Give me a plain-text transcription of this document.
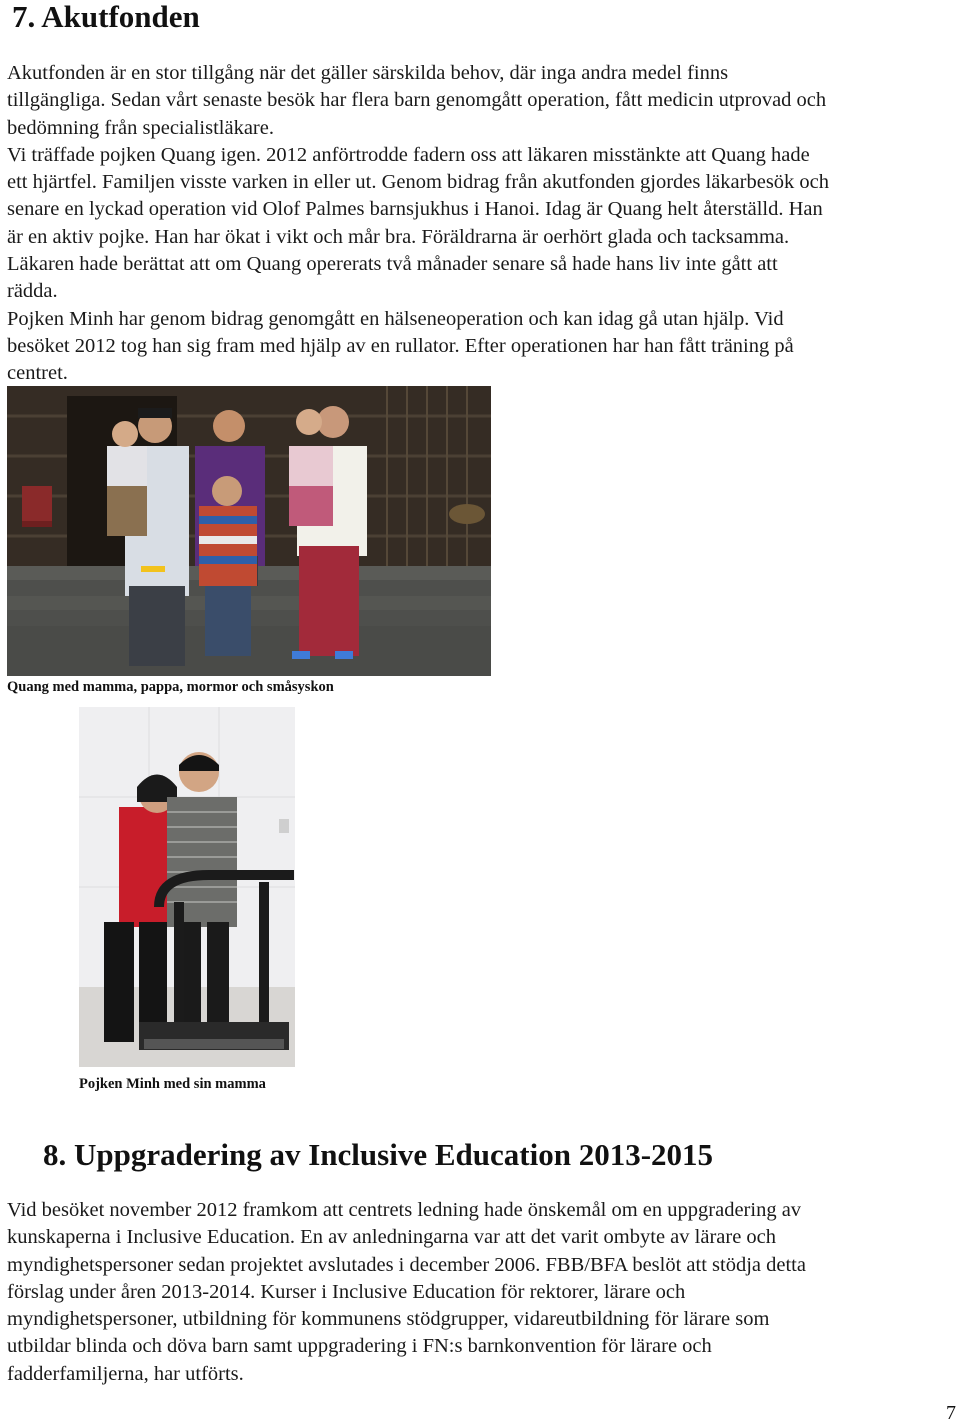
7. Akutfonden
Akutfonden är en stor tillgång när det gäller särskilda behov, där inga andra medel finns
tillgängliga. Sedan vårt senaste besök har flera barn genomgått operation, fått medicin utprovad och
bedömning från specialistläkare.
Vi träffade pojken Quang igen. 2012 anförtrodde fadern oss att läkaren misstänkte att Quang hade
ett hjärtfel. Familjen visste varken in eller ut. Genom bidrag från akutfonden gjordes läkarbesök och
senare en lyckad operation vid Olof Palmes barnsjukhus i Hanoi. Idag är Quang helt återställd. Han
är en aktiv pojke. Han har ökat i vikt och mår bra. Föräldrarna är oerhört glada och tacksamma.
Läkaren hade berättat att om Quang opererats två månader senare så hade hans liv inte gått att
rädda.
Pojken Minh har genom bidrag genomgått en hälseneoperation och kan idag gå utan hjälp. Vid
besöket 2012 tog han sig fram med hjälp av en rullator. Efter operationen har han fått träning på
centret.

Quang med mamma, pappa, mormor och småsyskon

Pojken Minh med sin mamma

8. Uppgradering av Inclusive Education 2013-2015
Vid besöket november 2012 framkom att centrets ledning hade önskemål om en uppgradering av
kunskaperna i Inclusive Education. En av anledningarna var att det varit ombyte av lärare och
myndighetspersoner sedan projektet avslutades i december 2006. FBB/BFA beslöt att stödja detta
förslag under åren 2013-2014. Kurser i Inclusive Education för rektorer, lärare och
myndighetspersoner, utbildning för kommunens stödgrupper, vidareutbildning för lärare som
utbildar blinda och döva barn samt uppgradering i FN:s barnkonvention för lärare och
fadderfamiljerna, har utförts.
7
